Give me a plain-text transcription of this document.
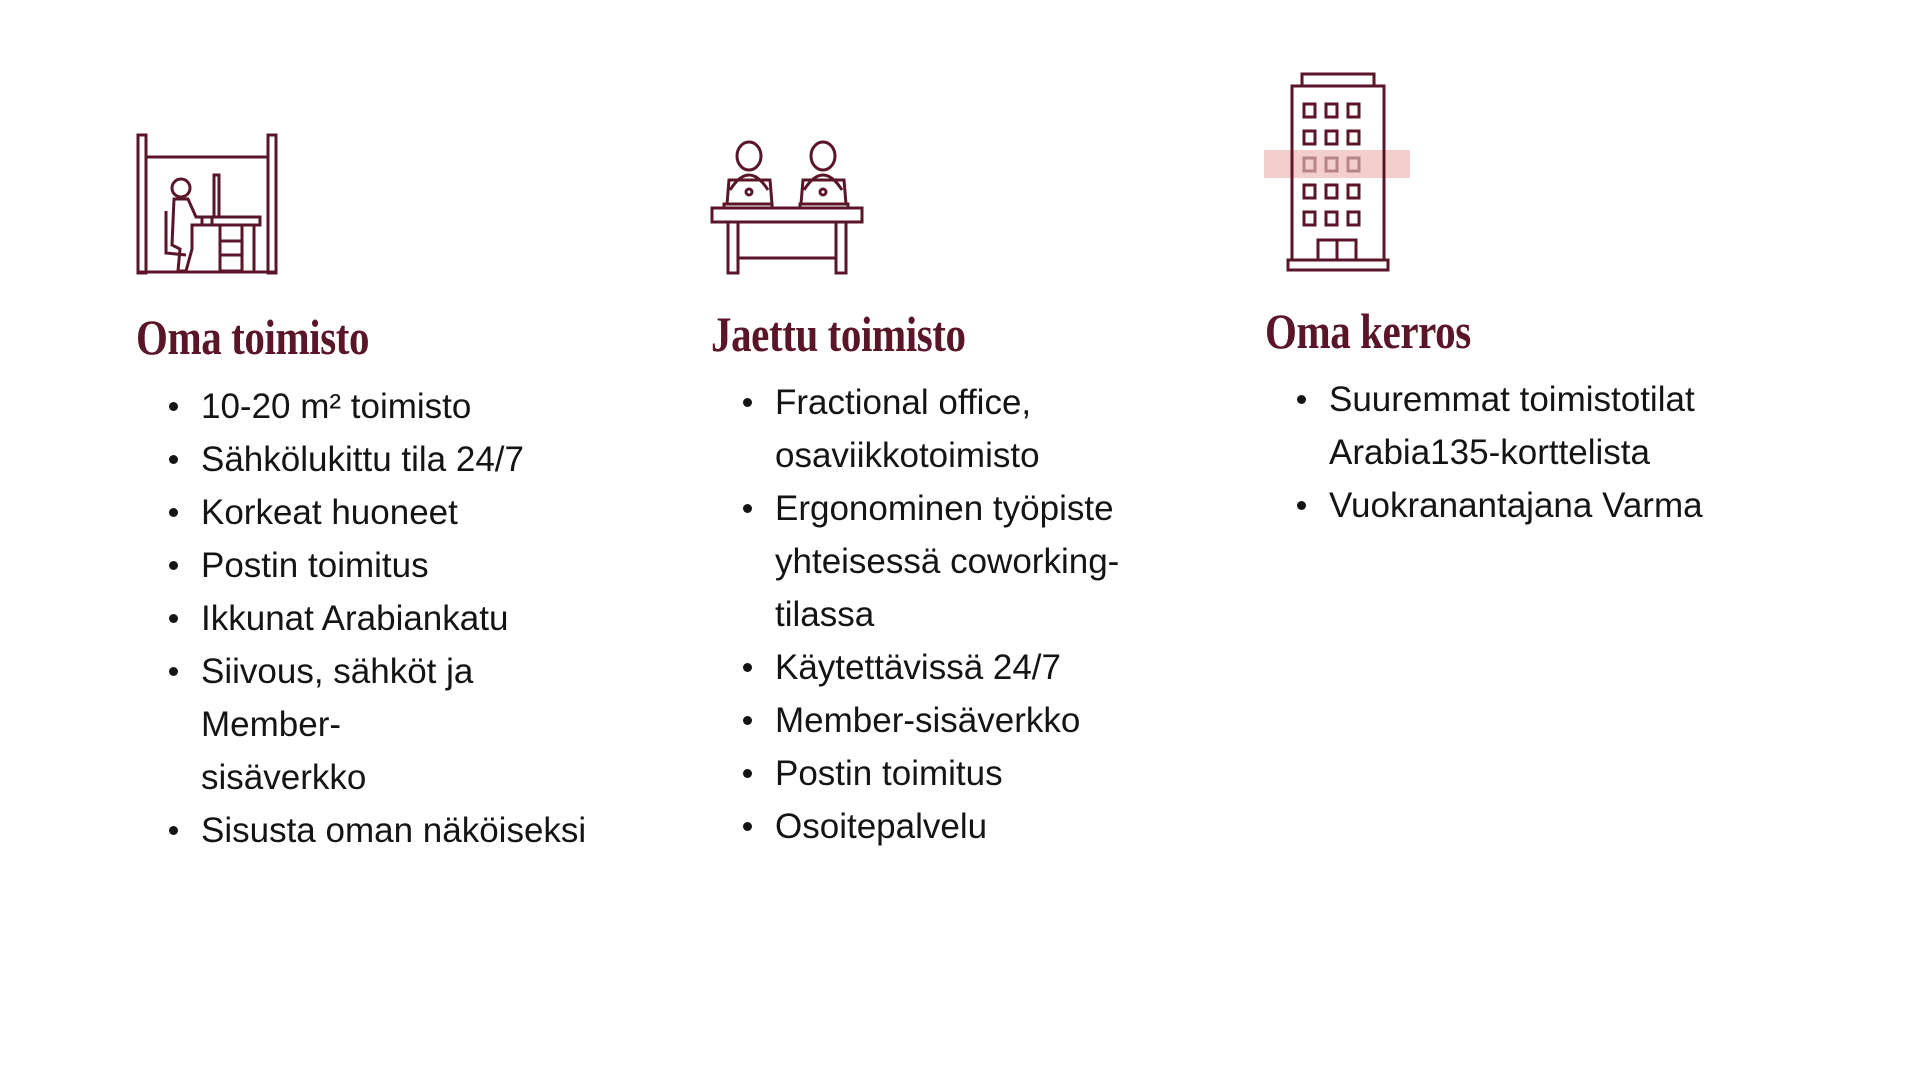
Oma toimisto
10-20 m² toimisto
Sähkölukittu tila 24/7
Korkeat huoneet
Postin toimitus
Ikkunat Arabiankatu
Siivous, sähköt ja Member-sisäverkko
Sisusta oman näköiseksi
Jaettu toimisto
Fractional office, osaviikkotoimisto
Ergonominen työpiste yhteisessä coworking-tilassa
Käytettävissä 24/7
Member-sisäverkko
Postin toimitus
Osoitepalvelu
Oma kerros
Suuremmat toimistotilat Arabia135-korttelista
Vuokranantajana Varma
